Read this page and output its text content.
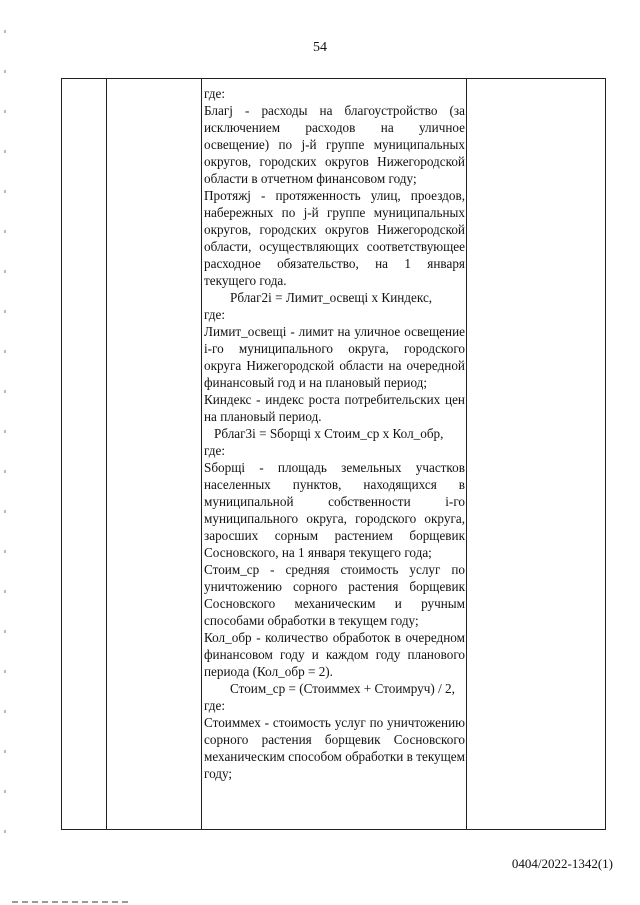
54
где:
Благj - расходы на благоустройство (за исключением расходов на уличное освещение) по j-й группе муниципальных округов, городских округов Нижегородской области в отчетном финансовом году;
Протяжj - протяженность улиц, проездов, набережных по j-й группе муниципальных округов, городских округов Нижегородской области, осуществляющих соответствующее расходное обязательство, на 1 января текущего года.
Рблаг2i = Лимит_освещi x Киндекс,
где:
Лимит_освещi - лимит на уличное освещение i-го муниципального округа, городского округа Нижегородской области на очередной финансовый год и на плановый период;
Киндекс - индекс роста потребительских цен на плановый период.
Рблаг3i = Sборщi x Стоим_ср x Кол_обр,
где:
Sборщi - площадь земельных участков населенных пунктов, находящихся в муниципальной собственности i-го муниципального округа, городского округа, заросших сорным растением борщевик Сосновского, на 1 января текущего года;
Стоим_ср - средняя стоимость услуг по уничтожению сорного растения борщевик Сосновского механическим и ручным способами обработки в текущем году;
Кол_обр - количество обработок в очередном финансовом году и каждом году планового периода (Кол_обр = 2).
Стоим_ср = (Стоиммех + Стоимруч) / 2,
где:
Стоиммех - стоимость услуг по уничтожению сорного растения борщевик Сосновского механическим способом обработки в текущем году;
0404/2022-1342(1)
